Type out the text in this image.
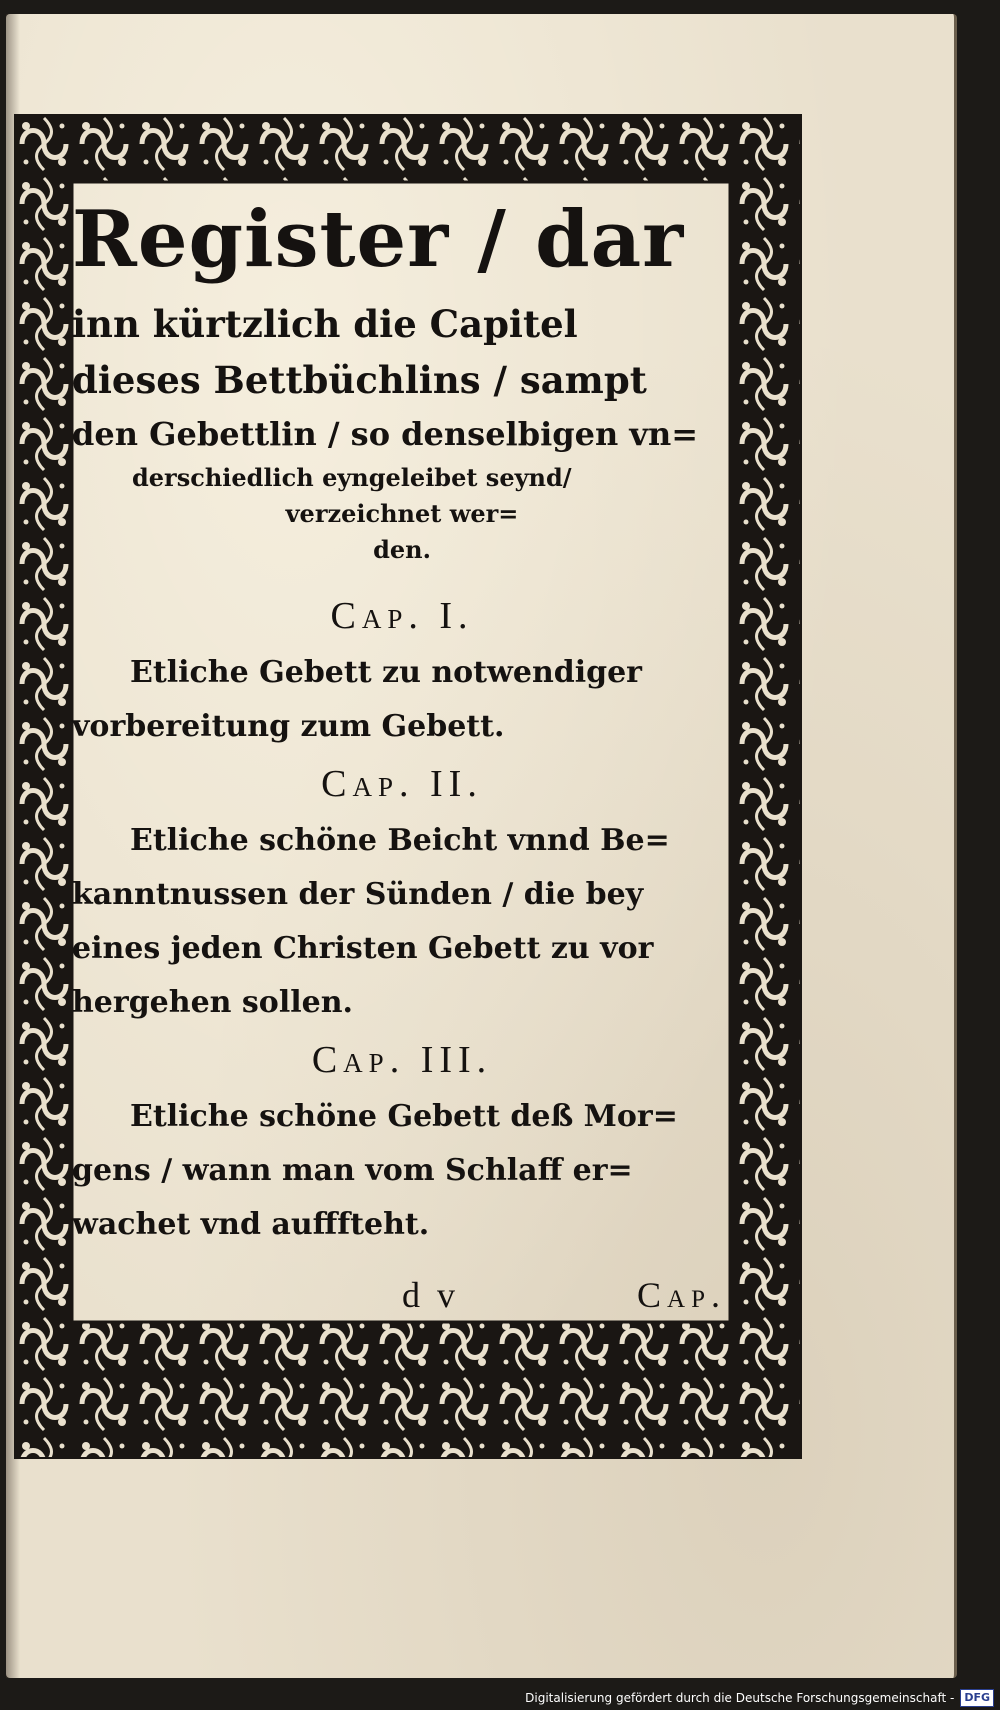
Register / dar
inn kürtzlich die Capitel
dieses Bettbüchlins / sampt
den Gebettlin / so denselbigen vn=
derschiedlich eyngeleibet seynd/
verzeichnet wer=
den.
Cap. I.
Etliche Gebett zu notwendiger
vorbereitung zum Gebett.
Cap. II.
Etliche schöne Beicht vnnd Be=
kanntnussen der Sünden / die bey
eines jeden Christen Gebett zu vor
hergehen sollen.
Cap. III.
Etliche schöne Gebett deß Mor=
gens / wann man vom Schlaff er=
wachet vnd aufffteht.
d v	Cap.
Digitalisierung gefördert durch die Deutsche Forschungsgemeinschaft - DFG
